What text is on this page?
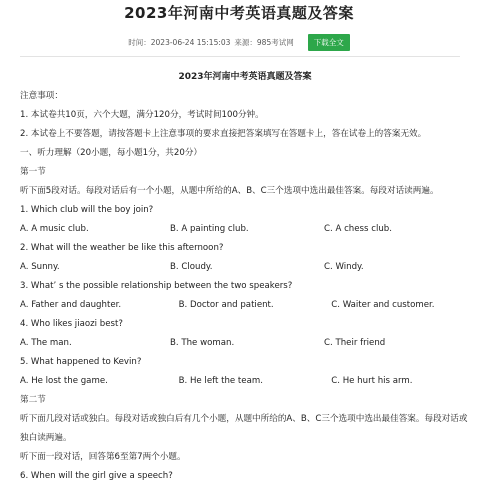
2023年河南中考英语真题及答案
时间： 2023-06-24 15:15:03 来源： 985考试网	下载全文
2023年河南中考英语真题及答案
注意事项：
1. 本试卷共10页，六个大题，满分120分，考试时间100分钟。
2. 本试卷上不要答题，请按答题卡上注意事项的要求直接把答案填写在答题卡上，答在试卷上的答案无效。
一、听力理解（20小题，每小题1分，共20分）
第一节
听下面5段对话。每段对话后有一个小题，从题中所给的A、B、C三个选项中选出最佳答案。每段对话读两遍。
1. Which club will the boy join?
A. A music club.	B. A painting club.	C. A chess club.
2. What will the weather be like this afternoon?
A. Sunny.	B. Cloudy.	C. Windy.
3. What’ s the possible relationship between the two speakers?
A. Father and daughter.	B. Doctor and patient.	C. Waiter and customer.
4. Who likes jiaozi best?
A. The man.	B. The woman.	C. Their friend
5. What happened to Kevin?
A. He lost the game.	B. He left the team.	C. He hurt his arm.
第二节
听下面几段对话或独白。每段对话或独白后有几个小题，从题中所给的A、B、C三个选项中选出最佳答案。每段对话或独白读两遍。
听下面一段对话，回答第6至第7两个小题。
6. When will the girl give a speech?
